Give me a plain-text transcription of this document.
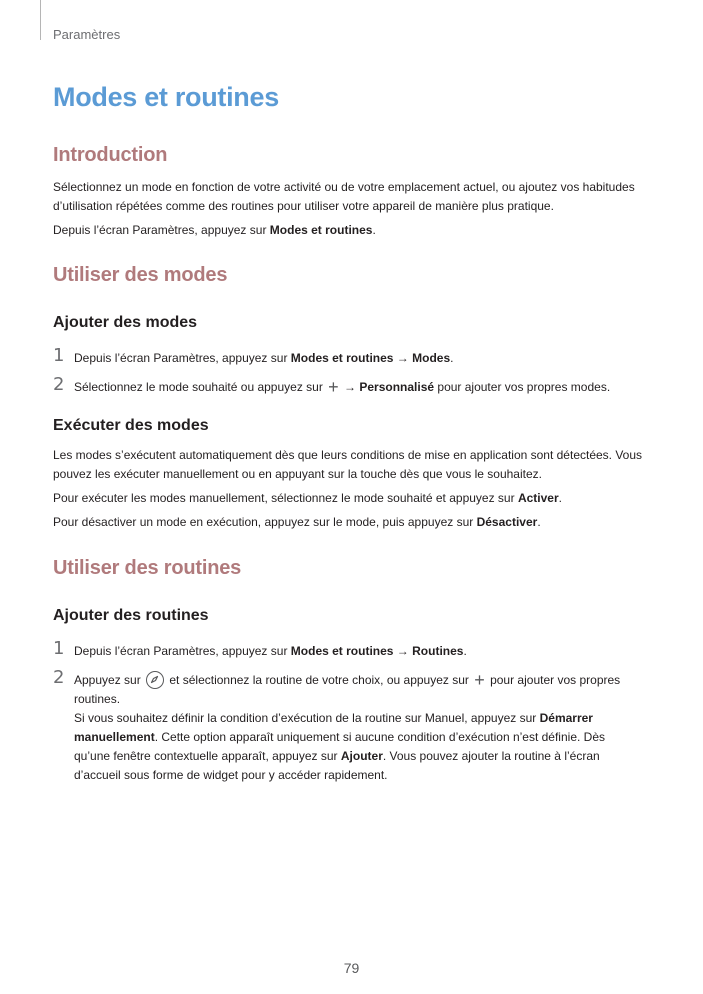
Paramètres
Modes et routines
Introduction
Sélectionnez un mode en fonction de votre activité ou de votre emplacement actuel, ou ajoutez vos habitudes d’utilisation répétées comme des routines pour utiliser votre appareil de manière plus pratique.
Depuis l’écran Paramètres, appuyez sur Modes et routines.
Utiliser des modes
Ajouter des modes
1 Depuis l’écran Paramètres, appuyez sur Modes et routines → Modes.
2 Sélectionnez le mode souhaité ou appuyez sur + → Personnalisé pour ajouter vos propres modes.
Exécuter des modes
Les modes s’exécutent automatiquement dès que leurs conditions de mise en application sont détectées. Vous pouvez les exécuter manuellement ou en appuyant sur la touche dès que vous le souhaitez.
Pour exécuter les modes manuellement, sélectionnez le mode souhaité et appuyez sur Activer.
Pour désactiver un mode en exécution, appuyez sur le mode, puis appuyez sur Désactiver.
Utiliser des routines
Ajouter des routines
1 Depuis l’écran Paramètres, appuyez sur Modes et routines → Routines.
2 Appuyez sur
et sélectionnez la routine de votre choix, ou appuyez sur + pour ajouter vos propres routines.
Si vous souhaitez définir la condition d’exécution de la routine sur Manuel, appuyez sur Démarrer manuellement. Cette option apparaît uniquement si aucune condition d’exécution n’est définie. Dès qu’une fenêtre contextuelle apparaît, appuyez sur Ajouter. Vous pouvez ajouter la routine à l’écran d’accueil sous forme de widget pour y accéder rapidement.
79
